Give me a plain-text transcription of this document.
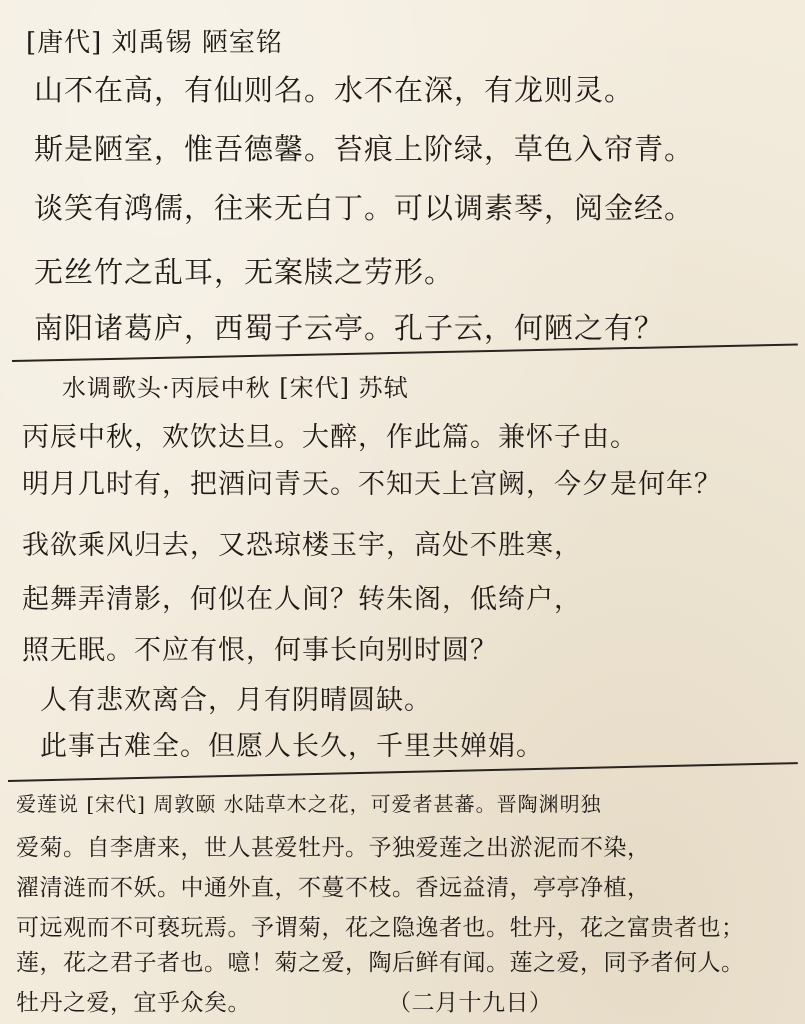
[唐代] 刘禹锡 陋室铭
山不在高，有仙则名。水不在深，有龙则灵。
斯是陋室，惟吾德馨。苔痕上阶绿，草色入帘青。
谈笑有鸿儒，往来无白丁。可以调素琴，阅金经。
无丝竹之乱耳，无案牍之劳形。
南阳诸葛庐，西蜀子云亭。孔子云，何陋之有？
水调歌头·丙辰中秋 [宋代] 苏轼
丙辰中秋，欢饮达旦。大醉，作此篇。兼怀子由。
明月几时有，把酒问青天。不知天上宫阙，今夕是何年？
我欲乘风归去，又恐琼楼玉宇，高处不胜寒，
起舞弄清影，何似在人间？转朱阁，低绮户，
照无眠。不应有恨，何事长向别时圆？
人有悲欢离合，月有阴晴圆缺。
此事古难全。但愿人长久，千里共婵娟。
爱莲说 [宋代] 周敦颐 水陆草木之花，可爱者甚蕃。晋陶渊明独
爱菊。自李唐来，世人甚爱牡丹。予独爱莲之出淤泥而不染，
濯清涟而不妖。中通外直，不蔓不枝。香远益清，亭亭净植，
可远观而不可亵玩焉。予谓菊，花之隐逸者也。牡丹，花之富贵者也；
莲，花之君子者也。噫！菊之爱，陶后鲜有闻。莲之爱，同予者何人。
牡丹之爱，宜乎众矣。	（二月十九日）
